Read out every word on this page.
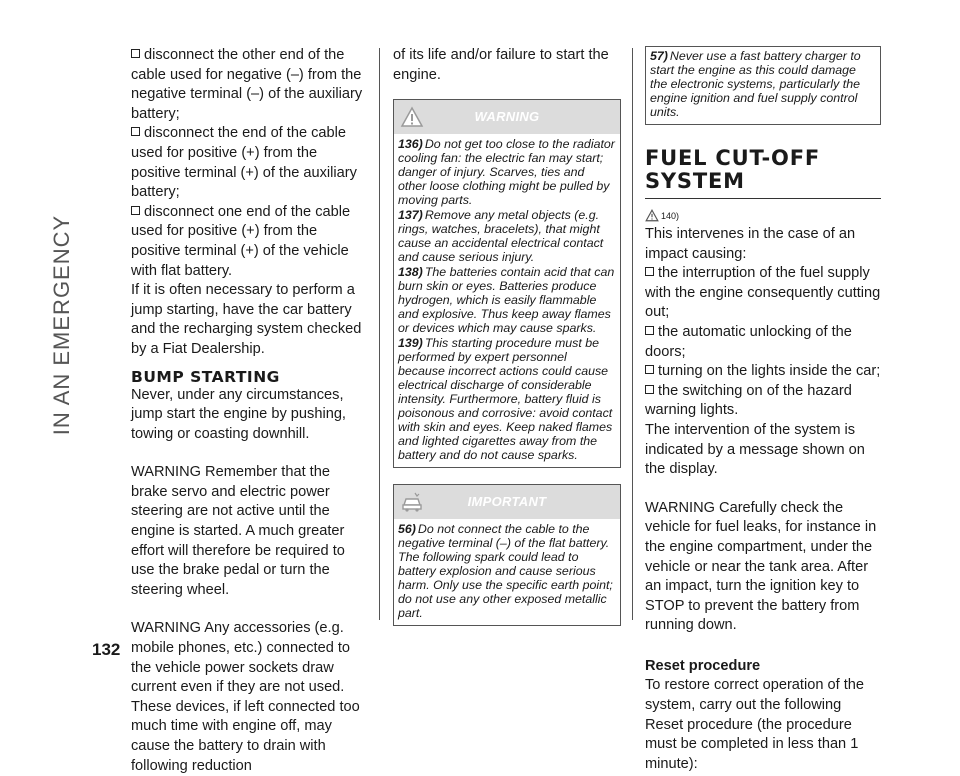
IN AN EMERGENCY
132
disconnect the other end of the cable used for negative (–) from the negative terminal (–) of the auxiliary battery;
disconnect the end of the cable used for positive (+) from the positive terminal (+) of the auxiliary battery;
disconnect one end of the cable used for positive (+) from the positive terminal (+) of the vehicle with flat battery.
If it is often necessary to perform a jump starting, have the car battery and the recharging system checked by a Fiat Dealership.
BUMP STARTING
Never, under any circumstances, jump start the engine by pushing, towing or coasting downhill.
WARNING Remember that the brake servo and electric power steering are not active until the engine is started. A much greater effort will therefore be required to use the brake pedal or turn the steering wheel.
WARNING Any accessories (e.g. mobile phones, etc.) connected to the vehicle power sockets draw current even if they are not used. These devices, if left connected too much time with engine off, may cause the battery to drain with following reduction
of its life and/or failure to start the engine.
WARNING
136) Do not get too close to the radiator cooling fan: the electric fan may start; danger of injury. Scarves, ties and other loose clothing might be pulled by moving parts.
137) Remove any metal objects (e.g. rings, watches, bracelets), that might cause an accidental electrical contact and cause serious injury.
138) The batteries contain acid that can burn skin or eyes. Batteries produce hydrogen, which is easily flammable and explosive. Thus keep away flames or devices which may cause sparks.
139) This starting procedure must be performed by expert personnel because incorrect actions could cause electrical discharge of considerable intensity. Furthermore, battery fluid is poisonous and corrosive: avoid contact with skin and eyes. Keep naked flames and lighted cigarettes away from the battery and do not cause sparks.
IMPORTANT
56) Do not connect the cable to the negative terminal (–) of the flat battery. The following spark could lead to battery explosion and cause serious harm. Only use the specific earth point; do not use any other exposed metallic part.
57) Never use a fast battery charger to start the engine as this could damage the electronic systems, particularly the engine ignition and fuel supply control units.
FUEL CUT-OFF SYSTEM
140)
This intervenes in the case of an impact causing:
the interruption of the fuel supply with the engine consequently cutting out;
the automatic unlocking of the doors;
turning on the lights inside the car;
the switching on of the hazard warning lights.
The intervention of the system is indicated by a message shown on the display.
WARNING Carefully check the vehicle for fuel leaks, for instance in the engine compartment, under the vehicle or near the tank area. After an impact, turn the ignition key to STOP to prevent the battery from running down.
Reset procedure
To restore correct operation of the system, carry out the following Reset procedure (the procedure must be completed in less than 1 minute):
